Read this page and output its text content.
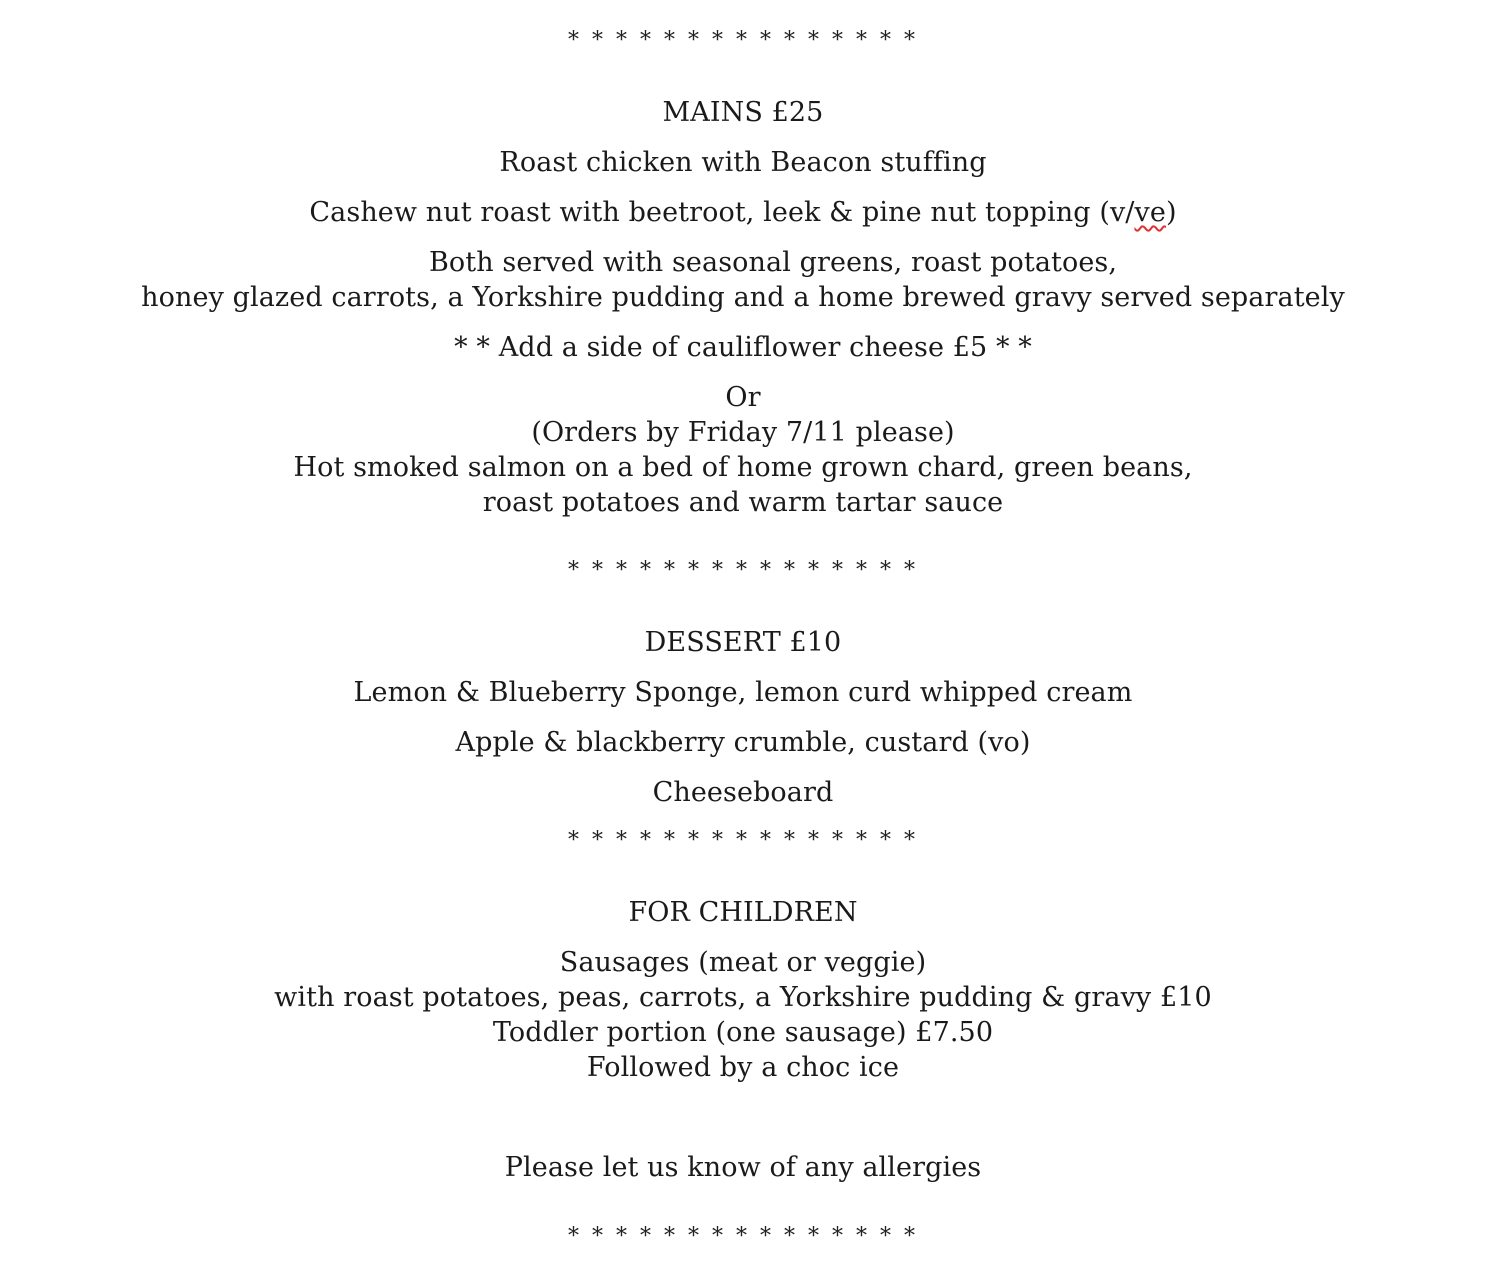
* * * * * * * * * * * * * * *
MAINS £25
Roast chicken with Beacon stuffing
Cashew nut roast with beetroot, leek & pine nut topping (v/ve)
Both served with seasonal greens, roast potatoes,
honey glazed carrots, a Yorkshire pudding and a home brewed gravy served separately
* * Add a side of cauliflower cheese £5 * *
Or
(Orders by Friday 7/11 please)
Hot smoked salmon on a bed of home grown chard, green beans,
roast potatoes and warm tartar sauce
* * * * * * * * * * * * * * *
DESSERT £10
Lemon & Blueberry Sponge, lemon curd whipped cream
Apple & blackberry crumble, custard (vo)
Cheeseboard
* * * * * * * * * * * * * * *
FOR CHILDREN
Sausages (meat or veggie)
with roast potatoes, peas, carrots, a Yorkshire pudding & gravy £10
Toddler portion (one sausage) £7.50
Followed by a choc ice
Please let us know of any allergies
* * * * * * * * * * * * * * *
